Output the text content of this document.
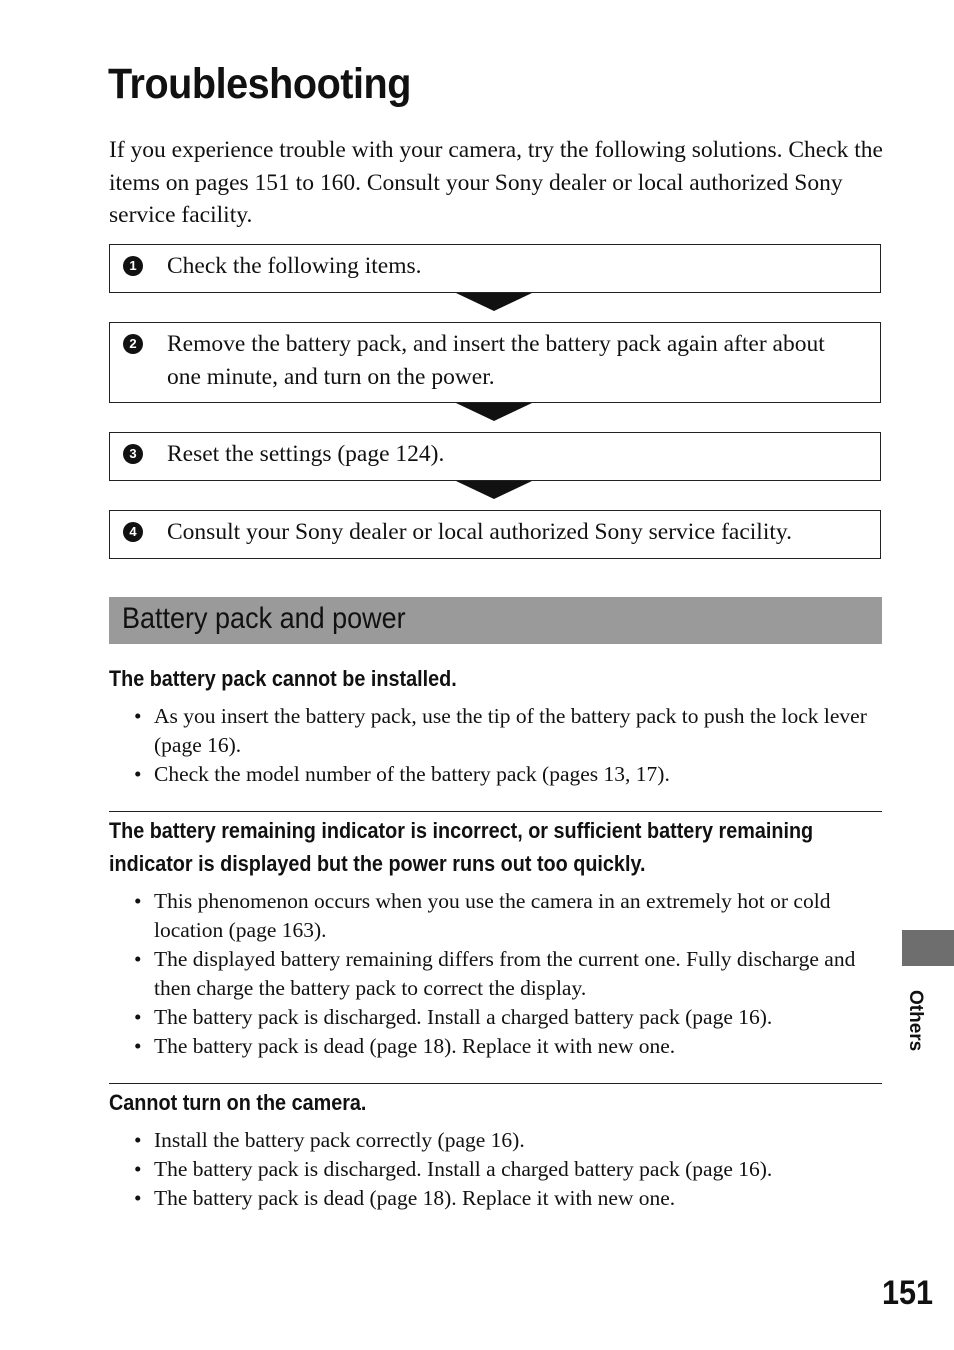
Troubleshooting

If you experience trouble with your camera, try the following solutions. Check the items on pages 151 to 160. Consult your Sony dealer or local authorized Sony service facility.

1 Check the following items.
2 Remove the battery pack, and insert the battery pack again after about one minute, and turn on the power.
3 Reset the settings (page 124).
4 Consult your Sony dealer or local authorized Sony service facility.
Battery pack and power
The battery pack cannot be installed.
• As you insert the battery pack, use the tip of the battery pack to push the lock lever (page 16).
• Check the model number of the battery pack (pages 13, 17).
The battery remaining indicator is incorrect, or sufficient battery remaining indicator is displayed but the power runs out too quickly.
• This phenomenon occurs when you use the camera in an extremely hot or cold location (page 163).
• The displayed battery remaining differs from the current one. Fully discharge and then charge the battery pack to correct the display.
• The battery pack is discharged. Install a charged battery pack (page 16).
• The battery pack is dead (page 18). Replace it with new one.
Cannot turn on the camera.
• Install the battery pack correctly (page 16).
• The battery pack is discharged. Install a charged battery pack (page 16).
• The battery pack is dead (page 18). Replace it with new one.
Others
151
